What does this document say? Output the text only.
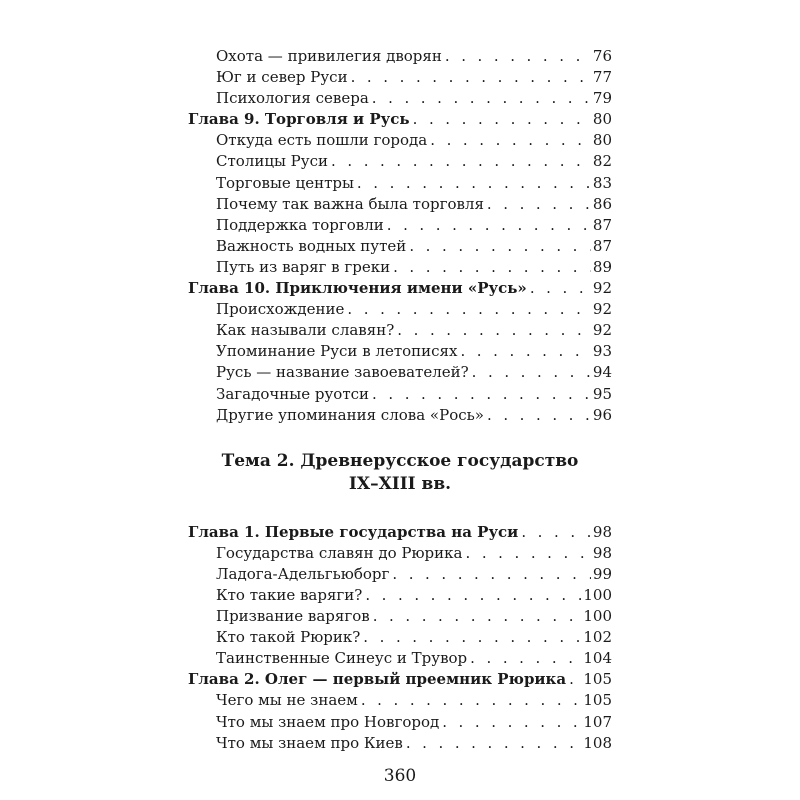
Охота — привилегия дворян . . .	76
Юг и север Руси . . .	77
Психология севера . . .	79
Глава 9. Торговля и Русь . . .	80
Откуда есть пошли города . . .	80
Столицы Руси . . .	82
Торговые центры . . .	83
Почему так важна была торговля . . .	86
Поддержка торговли . . .	87
Важность водных путей . . .	87
Путь из варяг в греки . . .	89
Глава 10. Приключения имени «Русь» . . .	92
Происхождение . . .	92
Как называли славян? . . .	92
Упоминание Руси в летописях . . .	93
Русь — название завоевателей? . . .	94
Загадочные руотси . . .	95
Другие упоминания слова «Рось» . . .	96
Тема 2. Древнерусское государство
IX–XIII вв.
Глава 1. Первые государства на Руси . . .	98
Государства славян до Рюрика . . .	98
Ладога-Адельгьюборг . . .	99
Кто такие варяги? . . .	100
Призвание варягов . . .	100
Кто такой Рюрик? . . .	102
Таинственные Синеус и Трувор . . .	104
Глава 2. Олег — первый преемник Рюрика . . . 105
Чего мы не знаем . . .	105
Что мы знаем про Новгород . . .	107
Что мы знаем про Киев . . .	108
360
